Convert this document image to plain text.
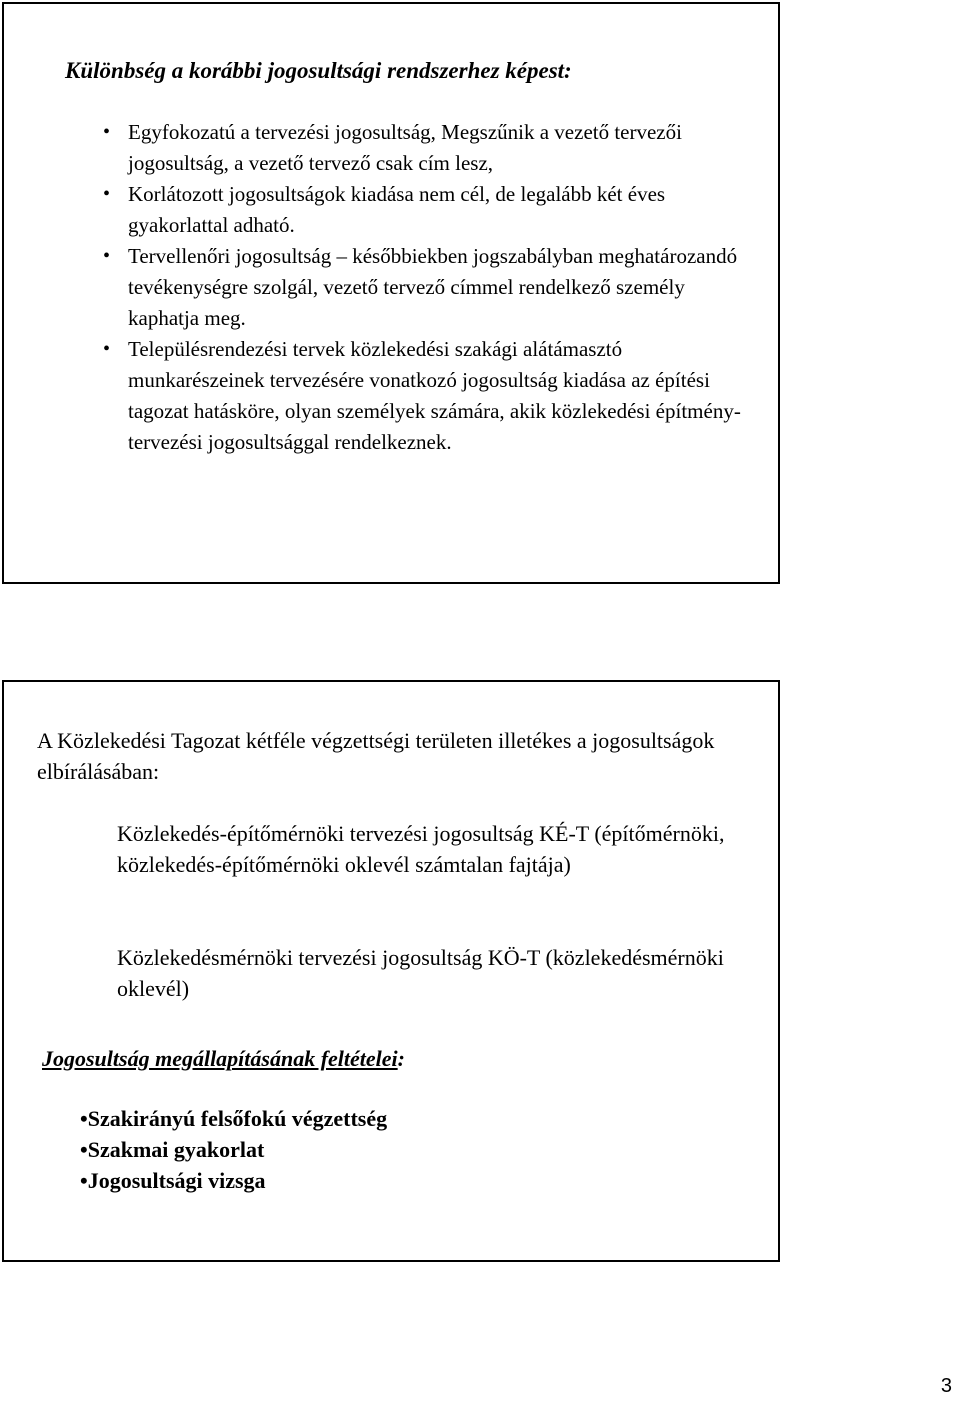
Különbség a korábbi jogosultsági rendszerhez képest:
• Egyfokozatú a tervezési jogosultság, Megszűnik a vezető tervezői jogosultság, a vezető tervező csak cím lesz,
• Korlátozott jogosultságok kiadása nem cél, de legalább két éves gyakorlattal adható.
• Tervellenőri jogosultság – későbbiekben jogszabályban meghatározandó tevékenységre szolgál, vezető tervező címmel rendelkező személy kaphatja meg.
• Településrendezési tervek közlekedési szakági alátámasztó munkarészeinek tervezésére vonatkozó jogosultság kiadása az építési tagozat hatásköre, olyan személyek számára, akik közlekedési építmény-tervezési jogosultsággal rendelkeznek.
A Közlekedési Tagozat kétféle végzettségi területen illetékes a jogosultságok elbírálásában:
Közlekedés-építőmérnöki tervezési jogosultság KÉ-T (építőmérnöki, közlekedés-építőmérnöki oklevél számtalan fajtája)
Közlekedésmérnöki tervezési jogosultság KÖ-T (közlekedésmérnöki oklevél)
Jogosultság megállapításának feltételei:
•Szakirányú felsőfokú végzettség
•Szakmai gyakorlat
•Jogosultsági vizsga
3
